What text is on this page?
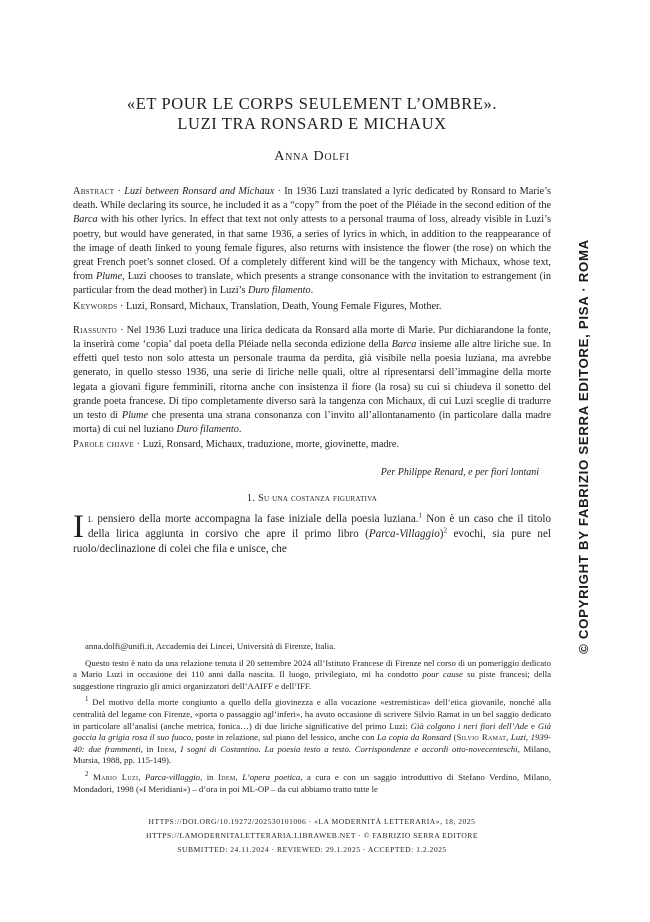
«ET POUR LE CORPS SEULEMENT L’OMBRE».
LUZI TRA RONSARD E MICHAUX
Anna Dolfi

Abstract · Luzi between Ronsard and Michaux · In 1936 Luzi translated a lyric dedicated by Ronsard to Marie’s death. While declaring its source, he included it as a “copy” from the poet of the Pléiade in the second edition of the Barca with his other lyrics. In effect that text not only attests to a personal trauma of loss, already visible in Luzi’s poetry, but would have generated, in that same 1936, a series of lyrics in which, in addition to the reappearance of the image of death linked to young female figures, also returns with insistence the flower (the rose) on which the great French poet’s sonnet closed. Of a completely different kind will be the tangency with Michaux, whose text, from Plume, Luzi chooses to translate, which presents a strange consonance with the invitation to estrangement (in particular from the dead mother) in Luzi’s Duro filamento.

Keywords · Luzi, Ronsard, Michaux, Translation, Death, Young Female Figures, Mother.

Riassunto · Nel 1936 Luzi traduce una lirica dedicata da Ronsard alla morte di Marie. Pur dichiarandone la fonte, la inserirà come ‘copia’ dal poeta della Pléiade nella seconda edizione della Barca insieme alle altre liriche sue. In effetti quel testo non solo attesta un personale trauma da perdita, già visibile nella poesia luziana, ma avrebbe generato, in quello stesso 1936, una serie di liriche nelle quali, oltre al ripresentarsi dell’immagine della morte legata a giovani figure femminili, ritorna anche con insistenza il fiore (la rosa) su cui si chiudeva il sonetto del grande poeta francese. Di tipo completamente diverso sarà la tangenza con Michaux, di cui Luzi sceglie di tradurre un testo di Plume che presenta una strana consonanza con l’invito all’allontanamento (in particolare dalla madre morta) di cui nel luziano Duro filamento.

Parole chiave · Luzi, Ronsard, Michaux, traduzione, morte, giovinette, madre.

Per Philippe Renard, e per fiori lontani
1. Su una costanza figurativa

Il pensiero della morte accompagna la fase iniziale della poesia luziana.$^1$ Non è un caso che il titolo della lirica aggiunta in corsivo che apre il primo libro (Parca-Villaggio)$^2$ evochi, sia pure nel ruolo/declinazione di colei che fila e unisce, che

anna.dolfi@unifi.it, Accademia dei Lincei, Università di Firenze, Italia.

Questo testo è nato da una relazione tenuta il 20 settembre 2024 all’Istituto Francese di Firenze nel corso di un pomeriggio dedicato a Mario Luzi in occasione dei 110 anni dalla nascita. Il luogo, privilegiato, mi ha condotto pour cause su piste francesi; della suggestione ringrazio gli amici organizzatori dell’AAIFF e dell’IFF.

$^1$ Del motivo della morte congiunto a quello della giovinezza e alla vocazione «estremistica» dell’etica giovanile, nonché alla centralità del legame con Firenze, «porta o passaggio agl’inferi», ha avuto occasione di scrivere Silvio Ramat in un bel saggio dedicato in particolare all’analisi (anche metrica, fonica…) di due liriche significative del primo Luzi: Già colgono i neri fiori dell’Ade e Già goccia la grigia rosa il suo fuoco, poste in relazione, sul piano del lessico, anche con La copia da Ronsard (Silvio Ramat, Luzi, 1939-40: due frammenti, in Idem, I sogni di Costantino. La poesia testo a testo. Corrispondenze e accordi otto-novecenteschi, Milano, Mursia, 1988, pp. 115-149).

$^2$ Mario Luzi, Parca-villaggio, in Idem, L’opera poetica, a cura e con un saggio introduttivo di Stefano Verdino, Milano, Mondadori, 1998 («I Meridiani») – d’ora in poi ML-OP – da cui abbiamo tratto tutte le

HTTPS://DOI.ORG/10.19272/202530101006 · «LA MODERNITÀ LETTERARIA», 18, 2025

HTTPS://LAMODERNITALETTERARIA.LIBRAWEB.NET · © FABRIZIO SERRA EDITORE

SUBMITTED: 24.11.2024 · REVIEWED: 29.1.2025 · ACCEPTED: 1.2.2025

© COPYRIGHT BY FABRIZIO SERRA EDITORE, PISA · ROMA
